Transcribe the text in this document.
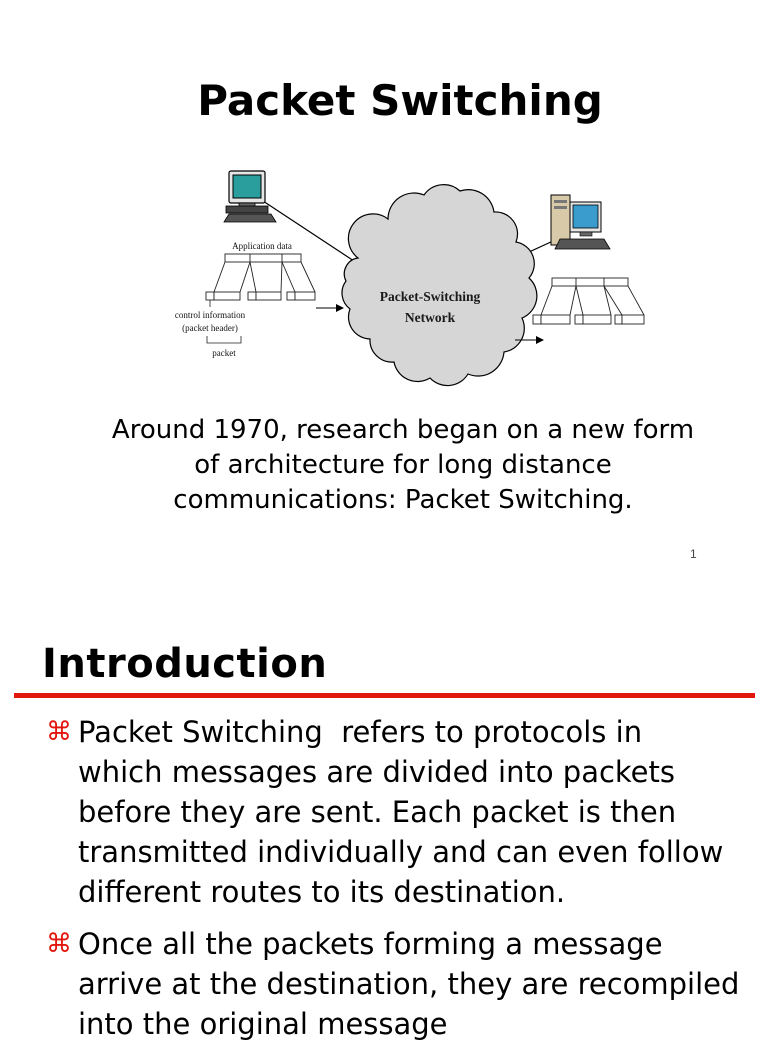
Packet Switching
Packet-Switching
Network
Application data
control information
(packet header)
packet
Around 1970, research began on a new form
of architecture for long distance
communications: Packet Switching.
1
Introduction
⌘ Packet Switching  refers to protocols in
which messages are divided into packets
before they are sent. Each packet is then
transmitted individually and can even follow
different routes to its destination.
⌘ Once all the packets forming a message
arrive at the destination, they are recompiled
into the original message
